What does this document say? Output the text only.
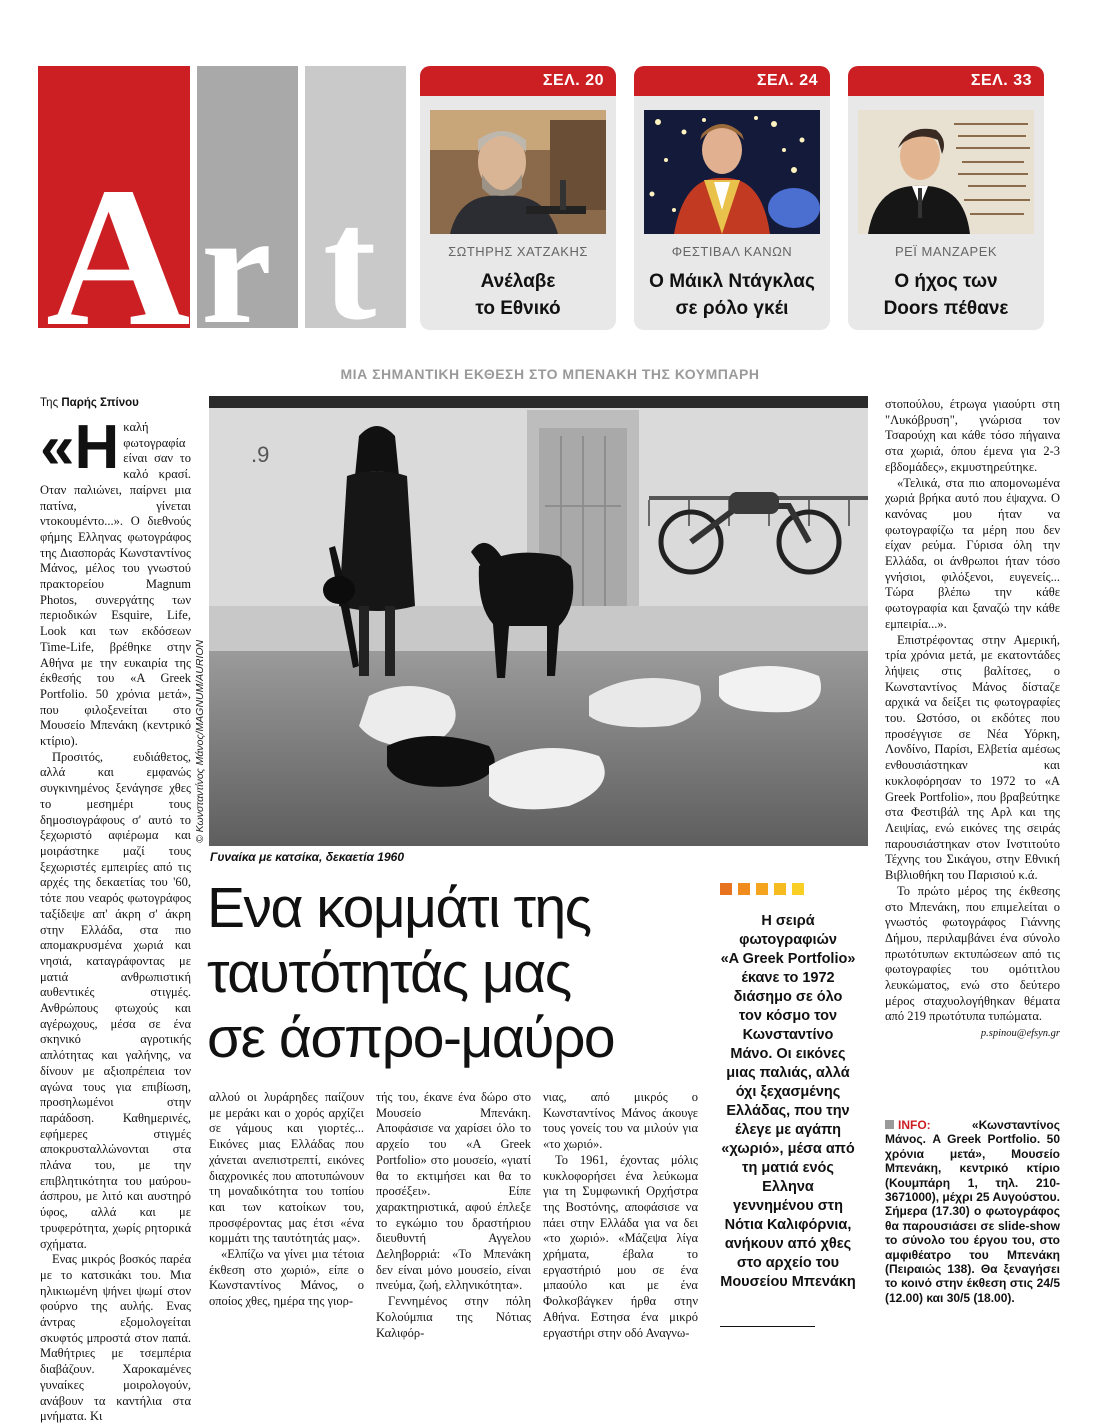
A r t
ΣΕΛ. 20
ΣΩΤΗΡΗΣ ΧΑΤΖΑΚΗΣ
Ανέλαβε
το Εθνικό
ΣΕΛ. 24
ΦΕΣΤΙΒΑΛ ΚΑΝΩΝ
Ο Μάικλ Ντάγκλας
σε ρόλο γκέι
ΣΕΛ. 33
ΡΕΪ ΜΑΝΖΑΡΕΚ
Ο ήχος των
Doors πέθανε
ΜΙΑ ΣΗΜΑΝΤΙΚΗ ΕΚΘΕΣΗ ΣΤΟ ΜΠΕΝΑΚΗ ΤΗΣ ΚΟΥΜΠΑΡΗ
Της Παρής Σπίνου

«Ηκαλή φωτογραφία είναι σαν το καλό κρασί. Οταν παλιώνει, παίρνει μια πατίνα, γίνεται ντοκουμέντο...». Ο διεθνούς φήμης Ελληνας φωτογράφος της Διασποράς Κωνσταντίνος Μάνος, μέλος του γνωστού πρακτορείου Magnum Photos, συνεργάτης των περιοδικών Esquire, Life, Look και των εκδόσεων Time-Life, βρέθηκε στην Αθήνα με την ευκαιρία της έκθεσής του «A Greek Portfolio. 50 χρόνια μετά», που φιλοξενείται στο Μουσείο Μπενάκη (κεντρικό κτίριο).

Προσιτός, ευδιάθετος, αλλά και εμφανώς συγκινημένος ξενάγησε χθες το μεσημέρι τους δημοσιογράφους σ' αυτό το ξεχωριστό αφιέρωμα και μοιράστηκε μαζί τους ξεχωριστές εμπειρίες από τις αρχές της δεκαετίας του '60, τότε που νεαρός φωτογράφος ταξίδεψε απ' άκρη σ' άκρη στην Ελλάδα, στα πιο απομακρυσμένα χωριά και νησιά, καταγράφοντας με ματιά ανθρωπιστική αυθεντικές στιγμές. Ανθρώπους φτωχούς και αγέρωχους, μέσα σε ένα σκηνικό αγροτικής απλότητας και γαλήνης, να δίνουν με αξιοπρέπεια τον αγώνα τους για επιβίωση, προσηλωμένοι στην παράδοση. Καθημερινές, εφήμερες στιγμές αποκρυσταλλώνονται στα πλάνα του, με την επιβλητικότητα του μαύρου-άσπρου, με λιτό και αυστηρό ύφος, αλλά και με τρυφερότητα, χωρίς ρητορικά σχήματα.

Ενας μικρός βοσκός παρέα με το κατσικάκι του. Μια ηλικιωμένη ψήνει ψωμί στον φούρνο της αυλής. Ενας άντρας εξομολογείται σκυφτός μπροστά στον παπά. Μαθήτριες με τσεμπέρια διαβάζουν. Χαροκαμένες γυναίκες μοιρολογούν, ανάβουν τα καντήλια στα μνήματα. Κι

.9
© Κωνσταντίνος Μάνος/MAGNUM/AURION
Γυναίκα με κατσίκα, δεκαετία 1960
Ενα κομμάτι της
ταυτότητάς μας
σε άσπρο-μαύρο

αλλού οι λυράρηδες παίζουν με μεράκι και ο χορός αρχίζει σε γάμους και γιορτές... Εικόνες μιας Ελλάδας που χάνεται ανεπιστρεπτί, εικόνες διαχρονικές που αποτυπώνουν τη μοναδικότητα του τοπίου και των κατοίκων του, προσφέροντας μας έτσι «ένα κομμάτι της ταυτότητάς μας».

«Ελπίζω να γίνει μια τέτοια έκθεση στο χωριό», είπε ο Κωνσταντίνος Μάνος, ο οποίος χθες, ημέρα της γιορ-

τής του, έκανε ένα δώρο στο Μουσείο Μπενάκη. Αποφάσισε να χαρίσει όλο το αρχείο του «A Greek Portfolio» στο μουσείο, «γιατί θα το εκτιμήσει και θα το προσέξει». Είπε χαρακτηριστικά, αφού έπλεξε το εγκώμιο του δραστήριου διευθυντή Αγγελου Δεληβορριά: «Το Μπενάκη δεν είναι μόνο μουσείο, είναι πνεύμα, ζωή, ελληνικότητα».

Γεννημένος στην πόλη Κολούμπια της Νότιας Καλιφόρ-

νιας, από μικρός ο Κωνσταντίνος Μάνος άκουγε τους γονείς του να μιλούν για «το χωριό».

Το 1961, έχοντας μόλις κυκλοφορήσει ένα λεύκωμα για τη Συμφωνική Ορχήστρα της Βοστόνης, αποφάσισε να πάει στην Ελλάδα για να δει «το χωριό». «Μάζεψα λίγα χρήματα, έβαλα το εργαστήριό μου σε ένα μπαούλο και με ένα Φολκσβάγκεν ήρθα στην Αθήνα. Εστησα ένα μικρό εργαστήρι στην οδό Αναγνω-

Η σειρά
φωτογραφιών
«A Greek Portfolio»
έκανε το 1972
διάσημο σε όλο
τον κόσμο τον
Κωνσταντίνο
Μάνο. Οι εικόνες
μιας παλιάς, αλλά
όχι ξεχασμένης
Ελλάδας, που την
έλεγε με αγάπη
«χωριό», μέσα από
τη ματιά ενός Ελληνα
γεννημένου στη
Νότια Καλιφόρνια,
ανήκουν από χθες
στο αρχείο του
Μουσείου Μπενάκη

στοπούλου, έτρωγα γιαούρτι στη "Λυκόβρυση", γνώρισα τον Τσαρούχη και κάθε τόσο πήγαινα στα χωριά, όπου έμενα για 2-3 εβδομάδες», εκμυστηρεύτηκε.

«Τελικά, στα πιο απομονωμένα χωριά βρήκα αυτό που έψαχνα. Ο κανόνας μου ήταν να φωτογραφίζω τα μέρη που δεν είχαν ρεύμα. Γύρισα όλη την Ελλάδα, οι άνθρωποι ήταν τόσο γνήσιοι, φιλόξενοι, ευγενείς... Τώρα βλέπω την κάθε φωτογραφία και ξαναζώ την κάθε εμπειρία...».

Επιστρέφοντας στην Αμερική, τρία χρόνια μετά, με εκατοντάδες λήψεις στις βαλίτσες, ο Κωνσταντίνος Μάνος δίσταζε αρχικά να δείξει τις φωτογραφίες του. Ωστόσο, οι εκδότες που προσέγγισε σε Νέα Υόρκη, Λονδίνο, Παρίσι, Ελβετία αμέσως ενθουσιάστηκαν και κυκλοφόρησαν το 1972 το «A Greek Portfolio», που βραβεύτηκε στα Φεστιβάλ της Αρλ και της Λειψίας, ενώ εικόνες της σειράς παρουσιάστηκαν στον Ινστιτούτο Τέχνης του Σικάγου, στην Εθνική Βιβλιοθήκη του Παρισιού κ.ά.

Το πρώτο μέρος της έκθεσης στο Μπενάκη, που επιμελείται ο γνωστός φωτογράφος Γιάννης Δήμου, περιλαμβάνει ένα σύνολο πρωτότυπων εκτυπώσεων από τις φωτογραφίες του ομότιτλου λευκώματος, ενώ στο δεύτερο μέρος σταχυολογήθηκαν θέματα από 219 πρωτότυπα τυπώματα.

p.spinou@efsyn.gr

INFO:	«Κωνσταντίνος Μάνος. A Greek Portfolio. 50 χρόνια μετά», Μουσείο Μπενάκη, κεντρικό κτίριο (Κουμπάρη 1, τηλ. 210-3671000), μέχρι 25 Αυγούστου. Σήμερα (17.30) ο φωτογράφος θα παρουσιάσει σε slide-show το σύνολο του έργου του, στο αμφιθέατρο του Μπενάκη (Πειραιώς 138). Θα ξεναγήσει το κοινό στην έκθεση στις 24/5 (12.00) και 30/5 (18.00).
